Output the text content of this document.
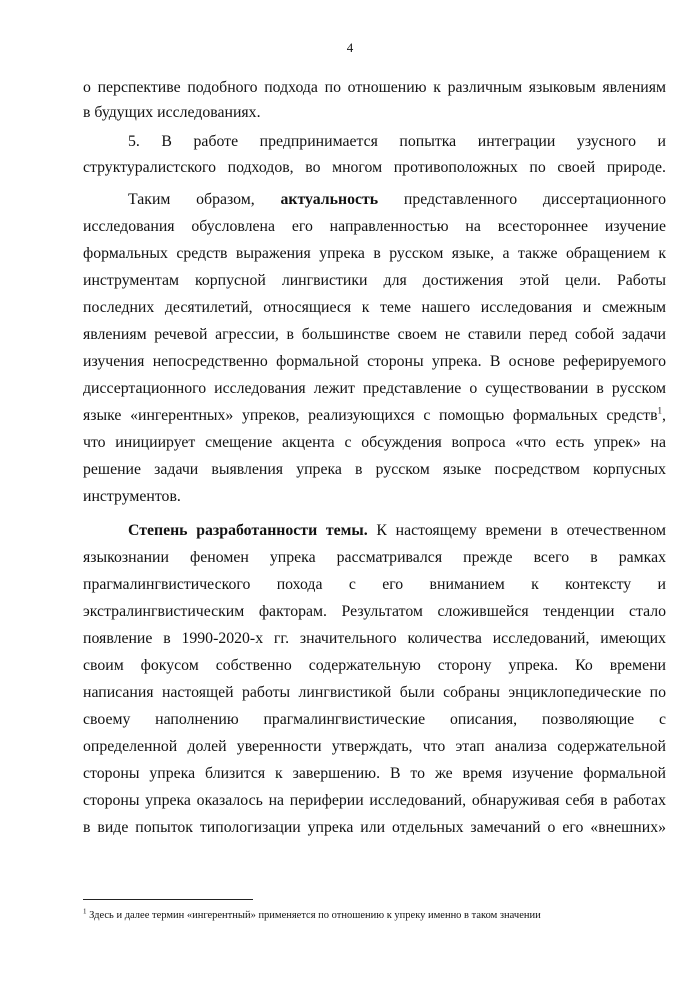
4
о перспективе подобного подхода по отношению к различным языковым явлениям
в будущих исследованиях.
5. В работе предпринимается попытка интеграции узусного и
структуралистского подходов, во многом противоположных по своей природе.
Таким образом, актуальность представленного диссертационного
исследования обусловлена его направленностью на всестороннее изучение
формальных средств выражения упрека в русском языке, а также обращением к
инструментам корпусной лингвистики для достижения этой цели. Работы
последних десятилетий, относящиеся к теме нашего исследования и смежным
явлениям речевой агрессии, в большинстве своем не ставили перед собой задачи
изучения непосредственно формальной стороны упрека. В основе реферируемого
диссертационного исследования лежит представление о существовании в русском
языке «ингерентных» упреков, реализующихся с помощью формальных средств$^1$,
что инициирует смещение акцента с обсуждения вопроса «что есть упрек» на
решение задачи выявления упрека в русском языке посредством корпусных
инструментов.
Степень разработанности темы. К настоящему времени в отечественном
языкознании феномен упрека рассматривался прежде всего в рамках
прагмалингвистического похода с его вниманием к контексту и
экстралингвистическим факторам. Результатом сложившейся тенденции стало
появление в 1990-2020-х гг. значительного количества исследований, имеющих
своим фокусом собственно содержательную сторону упрека. Ко времени
написания настоящей работы лингвистикой были собраны энциклопедические по
своему наполнению прагмалингвистические описания, позволяющие с
определенной долей уверенности утверждать, что этап анализа содержательной
стороны упрека близится к завершению. В то же время изучение формальной
стороны упрека оказалось на периферии исследований, обнаруживая себя в работах
в виде попыток типологизации упрека или отдельных замечаний о его «внешних»
$^1$ Здесь и далее термин «ингерентный» применяется по отношению к упреку именно в таком значении
